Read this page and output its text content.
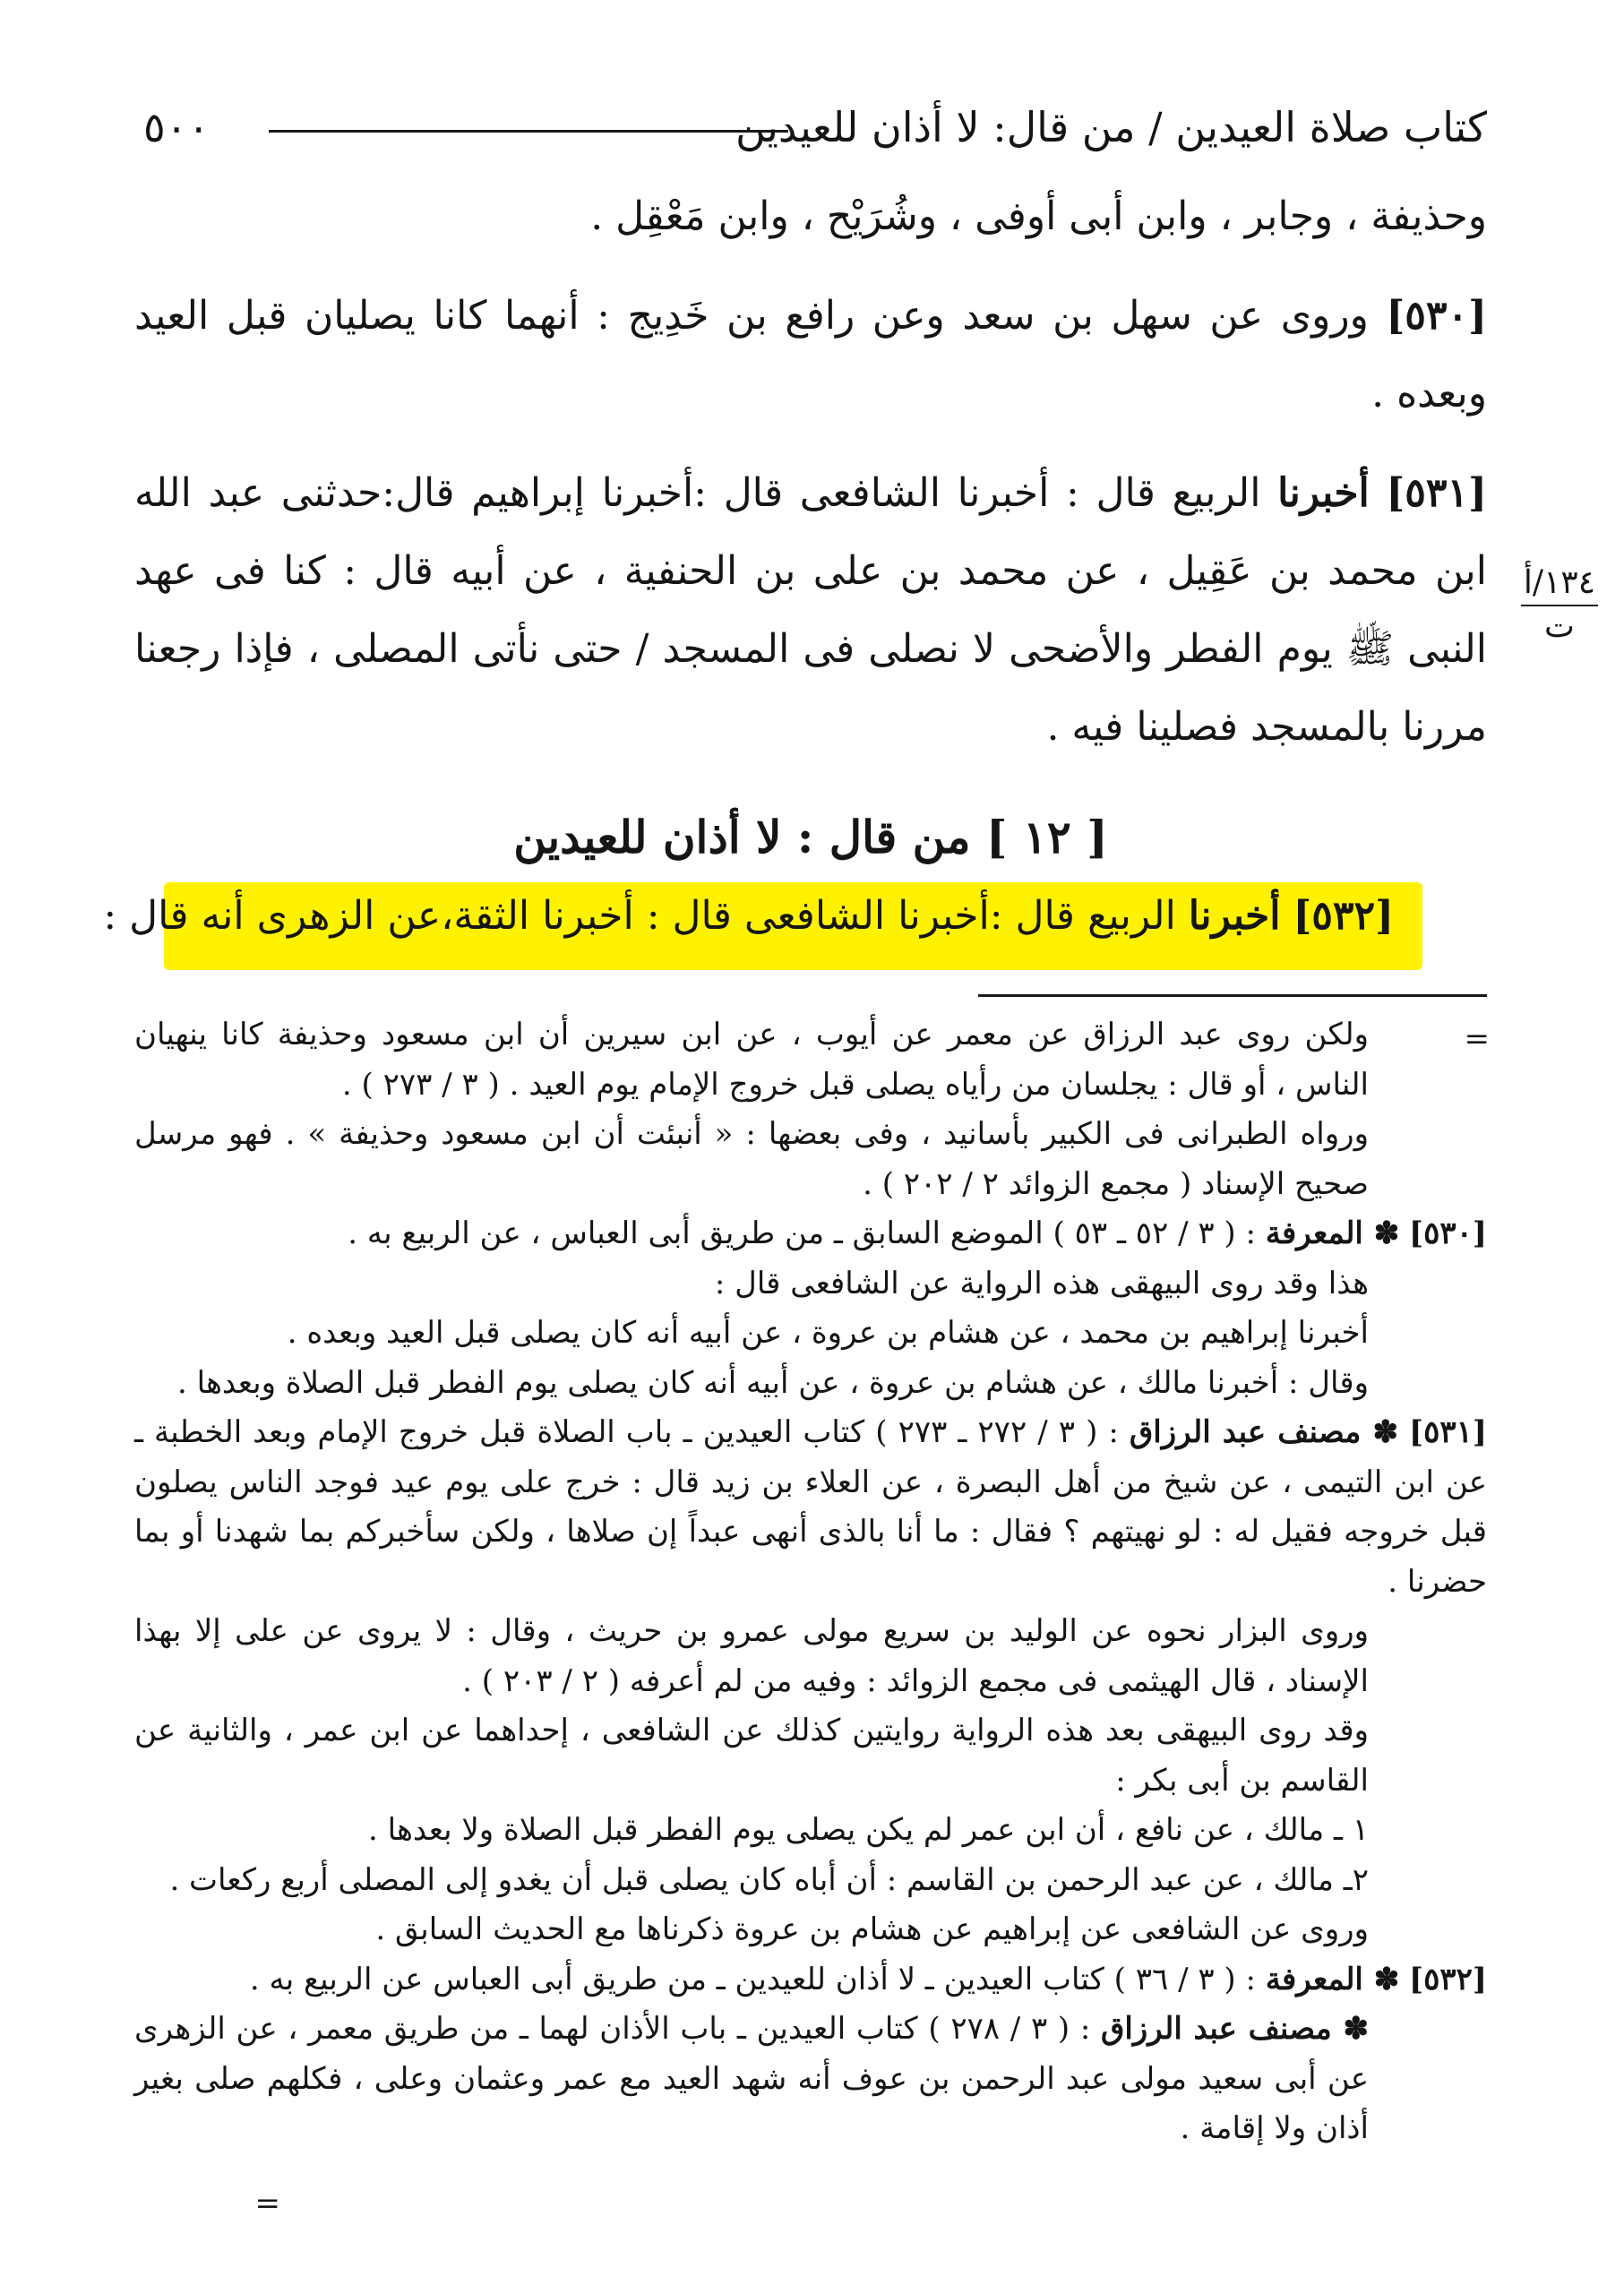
٥٠٠	كتاب صلاة العيدين / من قال: لا أذان للعيدين
١٣٤/أ
ت

وحذيفة ، وجابر ، وابن أبى أوفى ، وشُرَيْح ، وابن مَعْقِل .

[٥٣٠] وروى عن سهل بن سعد وعن رافع بن خَدِيج : أنهما كانا يصليان قبل العيد وبعده .

[٥٣١] أخبرنا الربيع قال : أخبرنا الشافعى قال :أخبرنا إبراهيم قال:حدثنى عبد الله ابن محمد بن عَقِيل ، عن محمد بن على بن الحنفية ، عن أبيه قال : كنا فى عهد النبى ﷺ يوم الفطر والأضحى لا نصلى فى المسجد / حتى نأتى المصلى ، فإذا رجعنا مررنا بالمسجد فصلينا فيه .

[ ١٢ ] من قال : لا أذان للعيدين
[٥٣٢] أخبرنا الربيع قال :أخبرنا الشافعى قال : أخبرنا الثقة،عن الزهرى أنه قال :
=

ولكن روى عبد الرزاق عن معمر عن أيوب ، عن ابن سيرين أن ابن مسعود وحذيفة كانا ينهيان الناس ، أو قال : يجلسان من رأياه يصلى قبل خروج الإمام يوم العيد . ( ٣ / ٢٧٣ ) .

ورواه الطبرانى فى الكبير بأسانيد ، وفى بعضها : « أنبئت أن ابن مسعود وحذيفة » . فهو مرسل صحيح الإسناد ( مجمع الزوائد ٢ / ٢٠٢ ) .

[٥٣٠] ✽ المعرفة : ( ٣ / ٥٢ ـ ٥٣ ) الموضع السابق ـ من طريق أبى العباس ، عن الربيع به .

هذا وقد روى البيهقى هذه الرواية عن الشافعى قال :

أخبرنا إبراهيم بن محمد ، عن هشام بن عروة ، عن أبيه أنه كان يصلى قبل العيد وبعده .

وقال : أخبرنا مالك ، عن هشام بن عروة ، عن أبيه أنه كان يصلى يوم الفطر قبل الصلاة وبعدها .

[٥٣١] ✽ مصنف عبد الرزاق : ( ٣ / ٢٧٢ ـ ٢٧٣ ) كتاب العيدين ـ باب الصلاة قبل خروج الإمام وبعد الخطبة ـ عن ابن التيمى ، عن شيخ من أهل البصرة ، عن العلاء بن زيد قال : خرج على يوم عيد فوجد الناس يصلون قبل خروجه فقيل له : لو نهيتهم ؟ فقال : ما أنا بالذى أنهى عبداً إن صلاها ، ولكن سأخبركم بما شهدنا أو بما حضرنا .

وروى البزار نحوه عن الوليد بن سريع مولى عمرو بن حريث ، وقال : لا يروى عن على إلا بهذا الإسناد ، قال الهيثمى فى مجمع الزوائد : وفيه من لم أعرفه ( ٢ / ٢٠٣ ) .

وقد روى البيهقى بعد هذه الرواية روايتين كذلك عن الشافعى ، إحداهما عن ابن عمر ، والثانية عن القاسم بن أبى بكر :

١ ـ مالك ، عن نافع ، أن ابن عمر لم يكن يصلى يوم الفطر قبل الصلاة ولا بعدها .

٢ـ مالك ، عن عبد الرحمن بن القاسم : أن أباه كان يصلى قبل أن يغدو إلى المصلى أربع ركعات .

وروى عن الشافعى عن إبراهيم عن هشام بن عروة ذكرناها مع الحديث السابق .

[٥٣٢] ✽ المعرفة : ( ٣ / ٣٦ ) كتاب العيدين ـ لا أذان للعيدين ـ من طريق أبى العباس عن الربيع به .

✽ مصنف عبد الرزاق : ( ٣ / ٢٧٨ ) كتاب العيدين ـ باب الأذان لهما ـ من طريق معمر ، عن الزهرى عن أبى سعيد مولى عبد الرحمن بن عوف أنه شهد العيد مع عمر وعثمان وعلى ، فكلهم صلى بغير أذان ولا إقامة .

=
